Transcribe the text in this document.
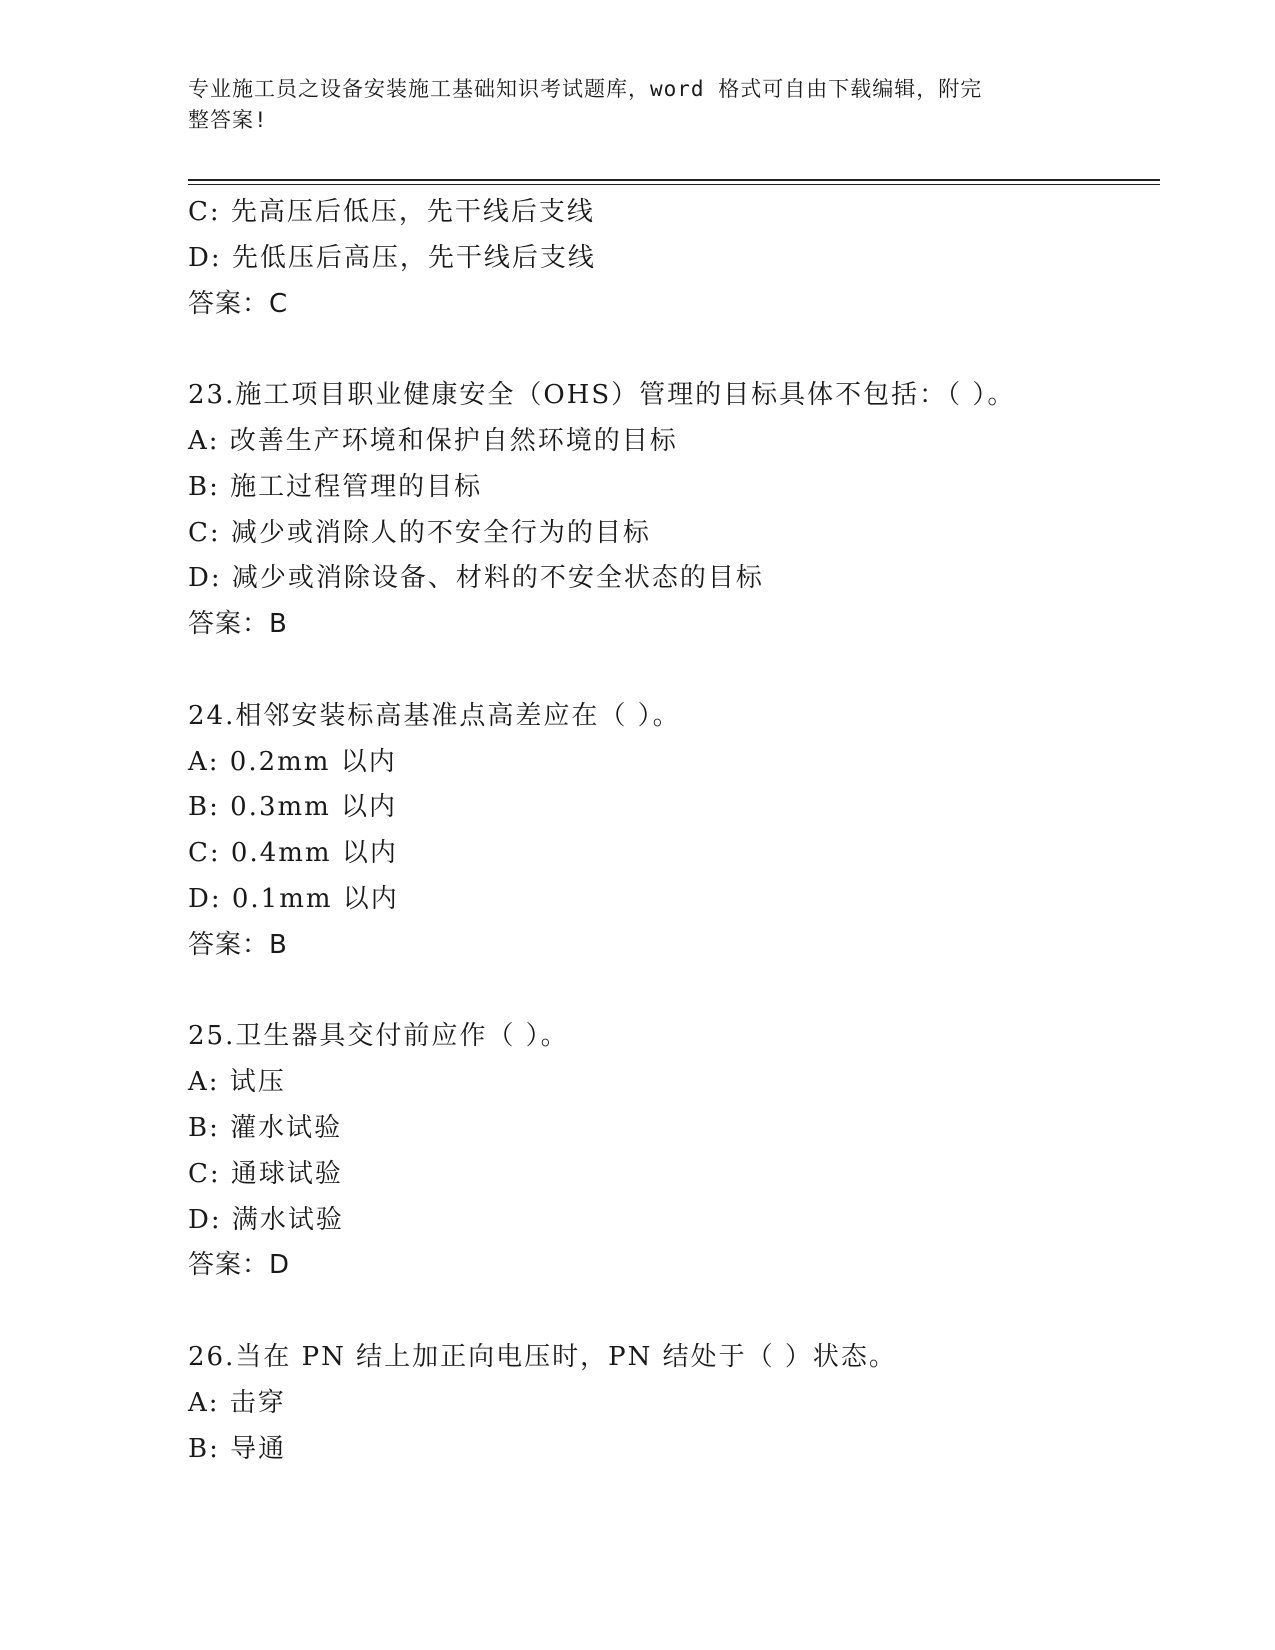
专业施工员之设备安装施工基础知识考试题库，word 格式可自由下载编辑，附完
整答案!
C: 先高压后低压，先干线后支线
D: 先低压后高压，先干线后支线
答案：C
23.施工项目职业健康安全（OHS）管理的目标具体不包括：（ ）。
A: 改善生产环境和保护自然环境的目标
B: 施工过程管理的目标
C: 减少或消除人的不安全行为的目标
D: 减少或消除设备、材料的不安全状态的目标
答案：B
24.相邻安装标高基准点高差应在（ ）。
A: 0.2mm 以内
B: 0.3mm 以内
C: 0.4mm 以内
D: 0.1mm 以内
答案：B
25.卫生器具交付前应作（ ）。
A: 试压
B: 灌水试验
C: 通球试验
D: 满水试验
答案：D
26.当在 PN 结上加正向电压时，PN 结处于（ ）状态。
A: 击穿
B: 导通
